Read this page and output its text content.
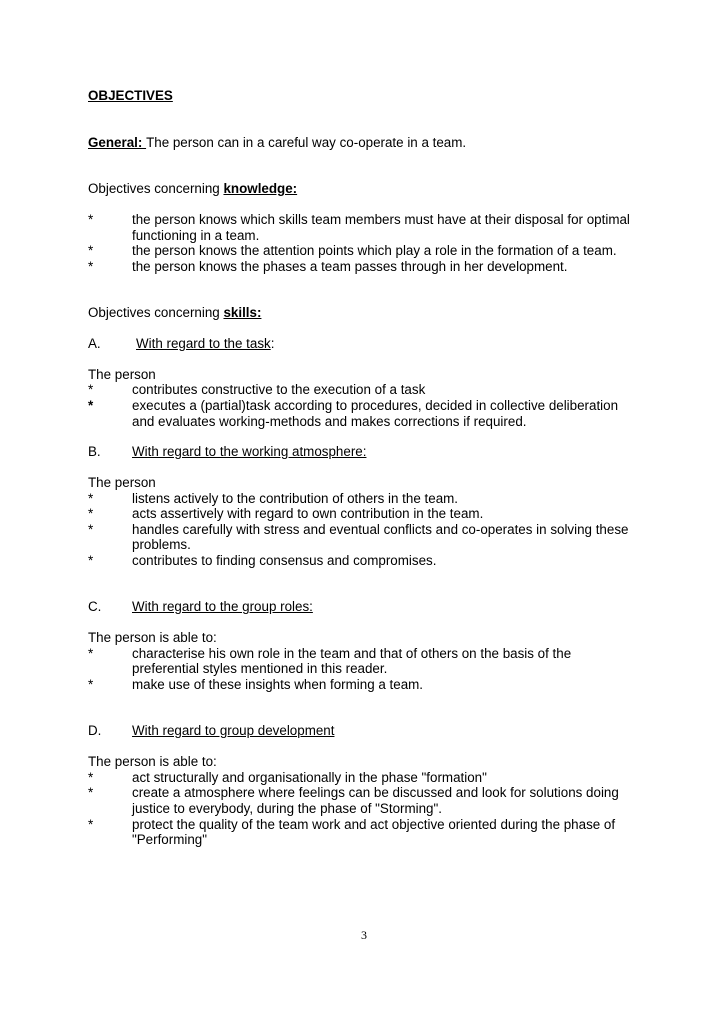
OBJECTIVES
General: The person can in a careful way co-operate in a team.
Objectives concerning knowledge:
*	the person knows which skills team members must have at their disposal for optimal
functioning in a team.
*	the person knows the attention points which play a role in the formation of a team.
*	the person knows the phases a team passes through in her development.
Objectives concerning skills:
A.	With regard to the task:
The person
*	contributes constructive to the execution of a task
*	executes a (partial)task according to procedures, decided in collective deliberation
and evaluates working-methods and makes corrections if required.
B. With regard to the working atmosphere:
The person
*	listens actively to the contribution of others in the team.
*	acts assertively with regard to own contribution in the team.
*	handles carefully with stress and eventual conflicts and co-operates in solving these
problems.
*	contributes to finding consensus and compromises.
C. With regard to the group roles:
The person is able to:
*	characterise his own role in the team and that of others on the basis of the
preferential styles mentioned in this reader.
*	make use of these insights when forming a team.
D. With regard to group development
The person is able to:
*	act structurally and organisationally in the phase "formation"
*	create a atmosphere where feelings can be discussed and look for solutions doing
justice to everybody, during the phase of "Storming".
*	protect the quality of the team work and act objective oriented during the phase of
"Performing"
3
